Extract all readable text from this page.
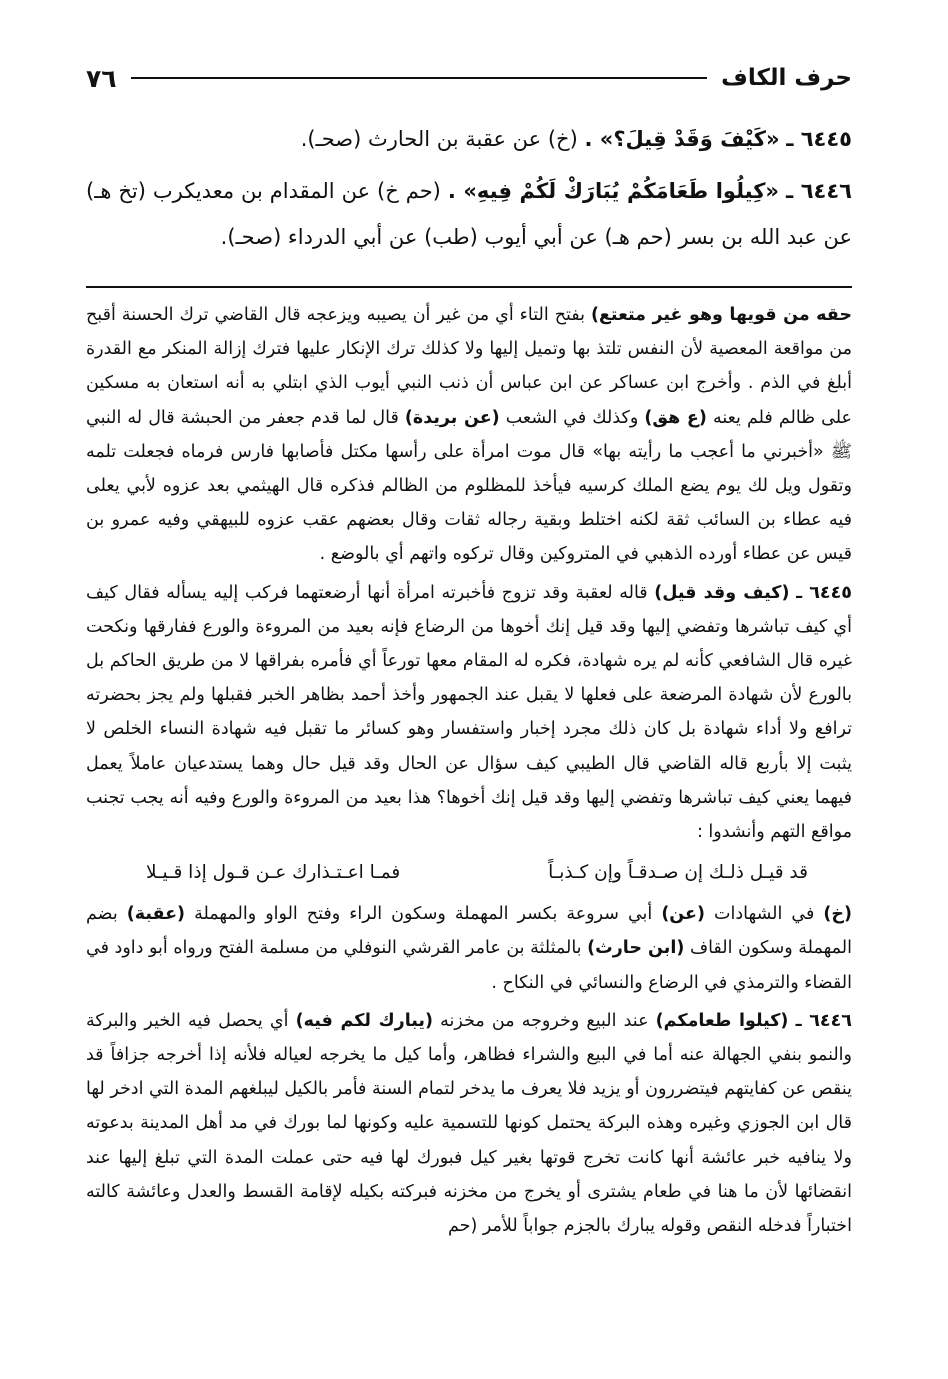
حرف الكاف
٧٦

٦٤٤٥ ـ «كَيْفَ وَقَدْ قِيلَ؟» . (خ) عن عقبة بن الحارث (صحـ).

٦٤٤٦ ـ «كِيلُوا طَعَامَكُمْ يُبَارَكْ لَكُمْ فِيهِ» . (حم خ) عن المقدام بن معديكرب (تخ هـ) عن عبد الله بن بسر (حم هـ) عن أبي أيوب (طب) عن أبي الدرداء (صحـ).

حقه من قويها وهو غير متعتع) بفتح التاء أي من غير أن يصيبه ويزعجه قال القاضي ترك الحسنة أقبح من مواقعة المعصية لأن النفس تلتذ بها وتميل إليها ولا كذلك ترك الإنكار عليها فترك إزالة المنكر مع القدرة أبلغ في الذم . وأخرج ابن عساكر عن ابن عباس أن ذنب النبي أيوب الذي ابتلي به أنه استعان به مسكين على ظالم فلم يعنه (ع هق) وكذلك في الشعب (عن بريدة) قال لما قدم جعفر من الحبشة قال له النبي ﷺ «أخبرني ما أعجب ما رأيته بها» قال موت امرأة على رأسها مكتل فأصابها فارس فرماه فجعلت تلمه وتقول ويل لك يوم يضع الملك كرسيه فيأخذ للمظلوم من الظالم فذكره قال الهيثمي بعد عزوه لأبي يعلى فيه عطاء بن السائب ثقة لكنه اختلط وبقية رجاله ثقات وقال بعضهم عقب عزوه للبيهقي وفيه عمرو بن قيس عن عطاء أورده الذهبي في المتروكين وقال تركوه واتهم أي بالوضع .

٦٤٤٥ ـ (كيف وقد قيل) قاله لعقبة وقد تزوج فأخبرته امرأة أنها أرضعتهما فركب إليه يسأله فقال كيف أي كيف تباشرها وتفضي إليها وقد قيل إنك أخوها من الرضاع فإنه بعيد من المروءة والورع ففارقها ونكحت غيره قال الشافعي كأنه لم يره شهادة، فكره له المقام معها تورعاً أي فأمره بفراقها لا من طريق الحاكم بل بالورع لأن شهادة المرضعة على فعلها لا يقبل عند الجمهور وأخذ أحمد بظاهر الخبر فقبلها ولم يجز بحضرته ترافع ولا أداء شهادة بل كان ذلك مجرد إخبار واستفسار وهو كسائر ما تقبل فيه شهادة النساء الخلص لا يثبت إلا بأربع قاله القاضي قال الطيبي كيف سؤال عن الحال وقد قيل حال وهما يستدعيان عاملاً يعمل فيهما يعني كيف تباشرها وتفضي إليها وقد قيل إنك أخوها؟ هذا بعيد من المروءة والورع وفيه أنه يجب تجنب مواقع التهم وأنشدوا :

قد قيـل ذلـك إن صـدقـاً وإن كـذبـاً
فمـا اعـتـذارك عـن قـول إذا قـيـلا

(خ) في الشهادات (عن) أبي سروعة بكسر المهملة وسكون الراء وفتح الواو والمهملة (عقبة) بضم المهملة وسكون القاف (ابن حارث) بالمثلثة بن عامر القرشي النوفلي من مسلمة الفتح ورواه أبو داود في القضاء والترمذي في الرضاع والنسائي في النكاح .

٦٤٤٦ ـ (كيلوا طعامكم) عند البيع وخروجه من مخزنه (يبارك لكم فيه) أي يحصل فيه الخير والبركة والنمو بنفي الجهالة عنه أما في البيع والشراء فظاهر، وأما كيل ما يخرجه لعياله فلأنه إذا أخرجه جزافاً قد ينقص عن كفايتهم فيتضررون أو يزيد فلا يعرف ما يدخر لتمام السنة فأمر بالكيل ليبلغهم المدة التي ادخر لها قال ابن الجوزي وغيره وهذه البركة يحتمل كونها للتسمية عليه وكونها لما بورك في مد أهل المدينة بدعوته ولا ينافيه خبر عائشة أنها كانت تخرج قوتها بغير كيل فبورك لها فيه حتى عملت المدة التي تبلغ إليها عند انقضائها لأن ما هنا في طعام يشترى أو يخرج من مخزنه فبركته بكيله لإقامة القسط والعدل وعائشة كالته اختباراً فدخله النقص وقوله يبارك بالجزم جواباً للأمر (حم
